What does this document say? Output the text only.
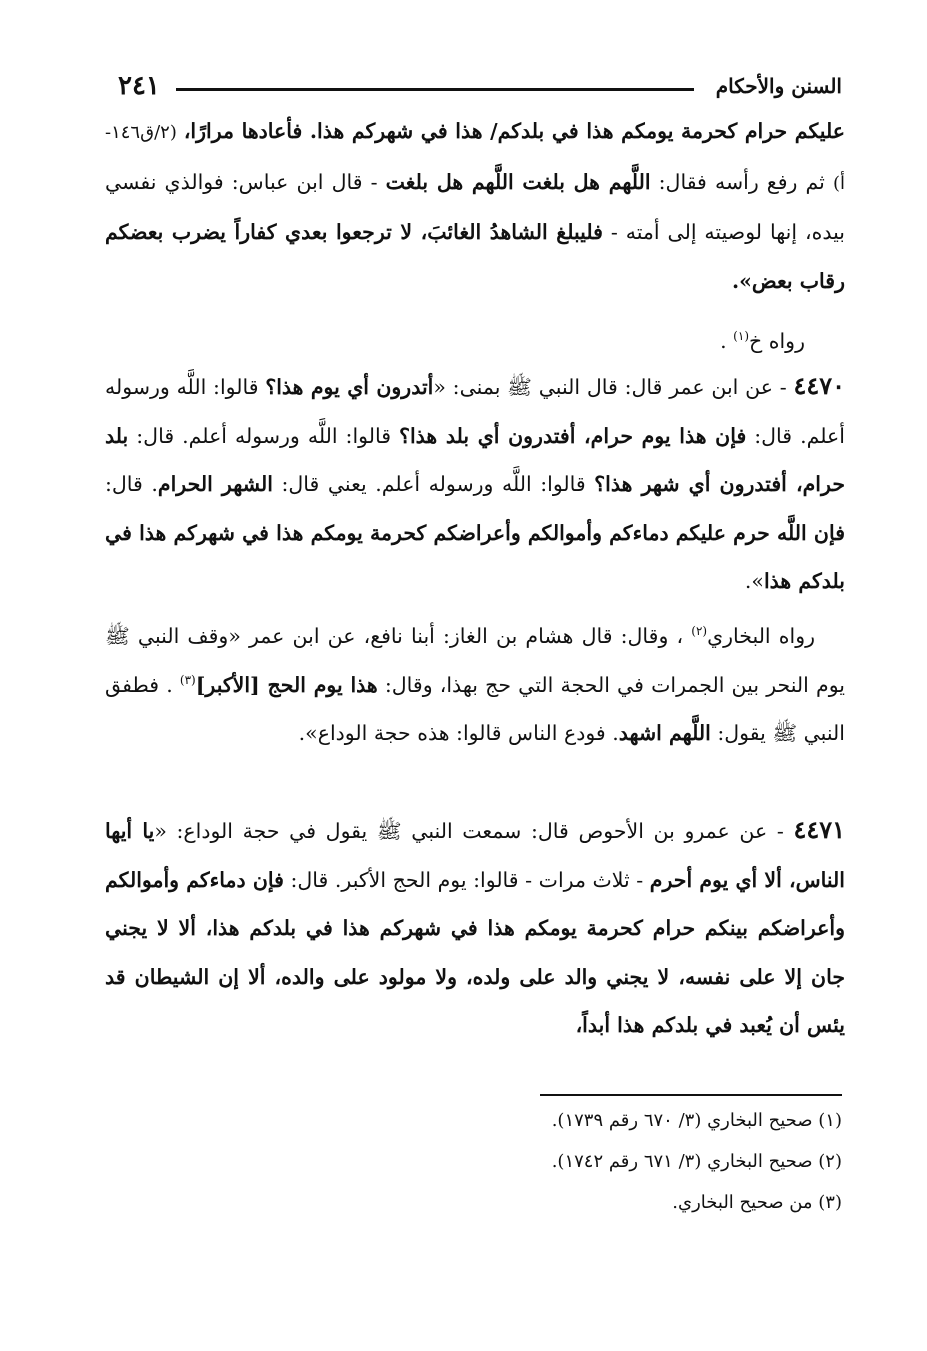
٢٤١	السنن والأحكام
عليكم حرام كحرمة يومكم هذا في بلدكم/ هذا في شهركم هذا. فأعادها مرارًا، (٢/ق١٤٦-أ) ثم رفع رأسه فقال: اللَّهم هل بلغت اللَّهم هل بلغت - قال ابن عباس: فوالذي نفسي بيده، إنها لوصيته إلى أمته - فليبلغ الشاهدُ الغائبَ، لا ترجعوا بعدي كفاراً يضرب بعضكم رقاب بعض».
رواه خ$^{(١)}$ .
٤٤٧٠ - عن ابن عمر قال: قال النبي ﷺ بمنى: «أتدرون أي يوم هذا؟ قالوا: اللَّه ورسوله أعلم. قال: فإن هذا يوم حرام، أفتدرون أي بلد هذا؟ قالوا: اللَّه ورسوله أعلم. قال: بلد حرام، أفتدرون أي شهر هذا؟ قالوا: اللَّه ورسوله أعلم. يعني قال: الشهر الحرام. قال: فإن اللَّه حرم عليكم دماءكم وأموالكم وأعراضكم كحرمة يومكم هذا في شهركم هذا في بلدكم هذا».
رواه البخاري$^{(٢)}$ ، وقال: قال هشام بن الغاز: أبنا نافع، عن ابن عمر «وقف النبي ﷺ يوم النحر بين الجمرات في الحجة التي حج بهذا، وقال: هذا يوم الحج [الأكبر]$^{(٣)}$ . فطفق النبي ﷺ يقول: اللَّهم اشهد. فودع الناس قالوا: هذه حجة الوداع».
٤٤٧١ - عن عمرو بن الأحوص قال: سمعت النبي ﷺ يقول في حجة الوداع: «يا أيها الناس، ألا أي يوم أحرم - ثلاث مرات - قالوا: يوم الحج الأكبر. قال: فإن دماءكم وأموالكم وأعراضكم بينكم حرام كحرمة يومكم هذا في شهركم هذا في بلدكم هذا، ألا لا يجني جان إلا على نفسه، لا يجني والد على ولده، ولا مولود على والده، ألا إن الشيطان قد يئس أن يُعبد في بلدكم هذا أبداً،
(١) صحيح البخاري (٣/ ٦٧٠ رقم ١٧٣٩).
(٢) صحيح البخاري (٣/ ٦٧١ رقم ١٧٤٢).
(٣) من صحيح البخاري.
